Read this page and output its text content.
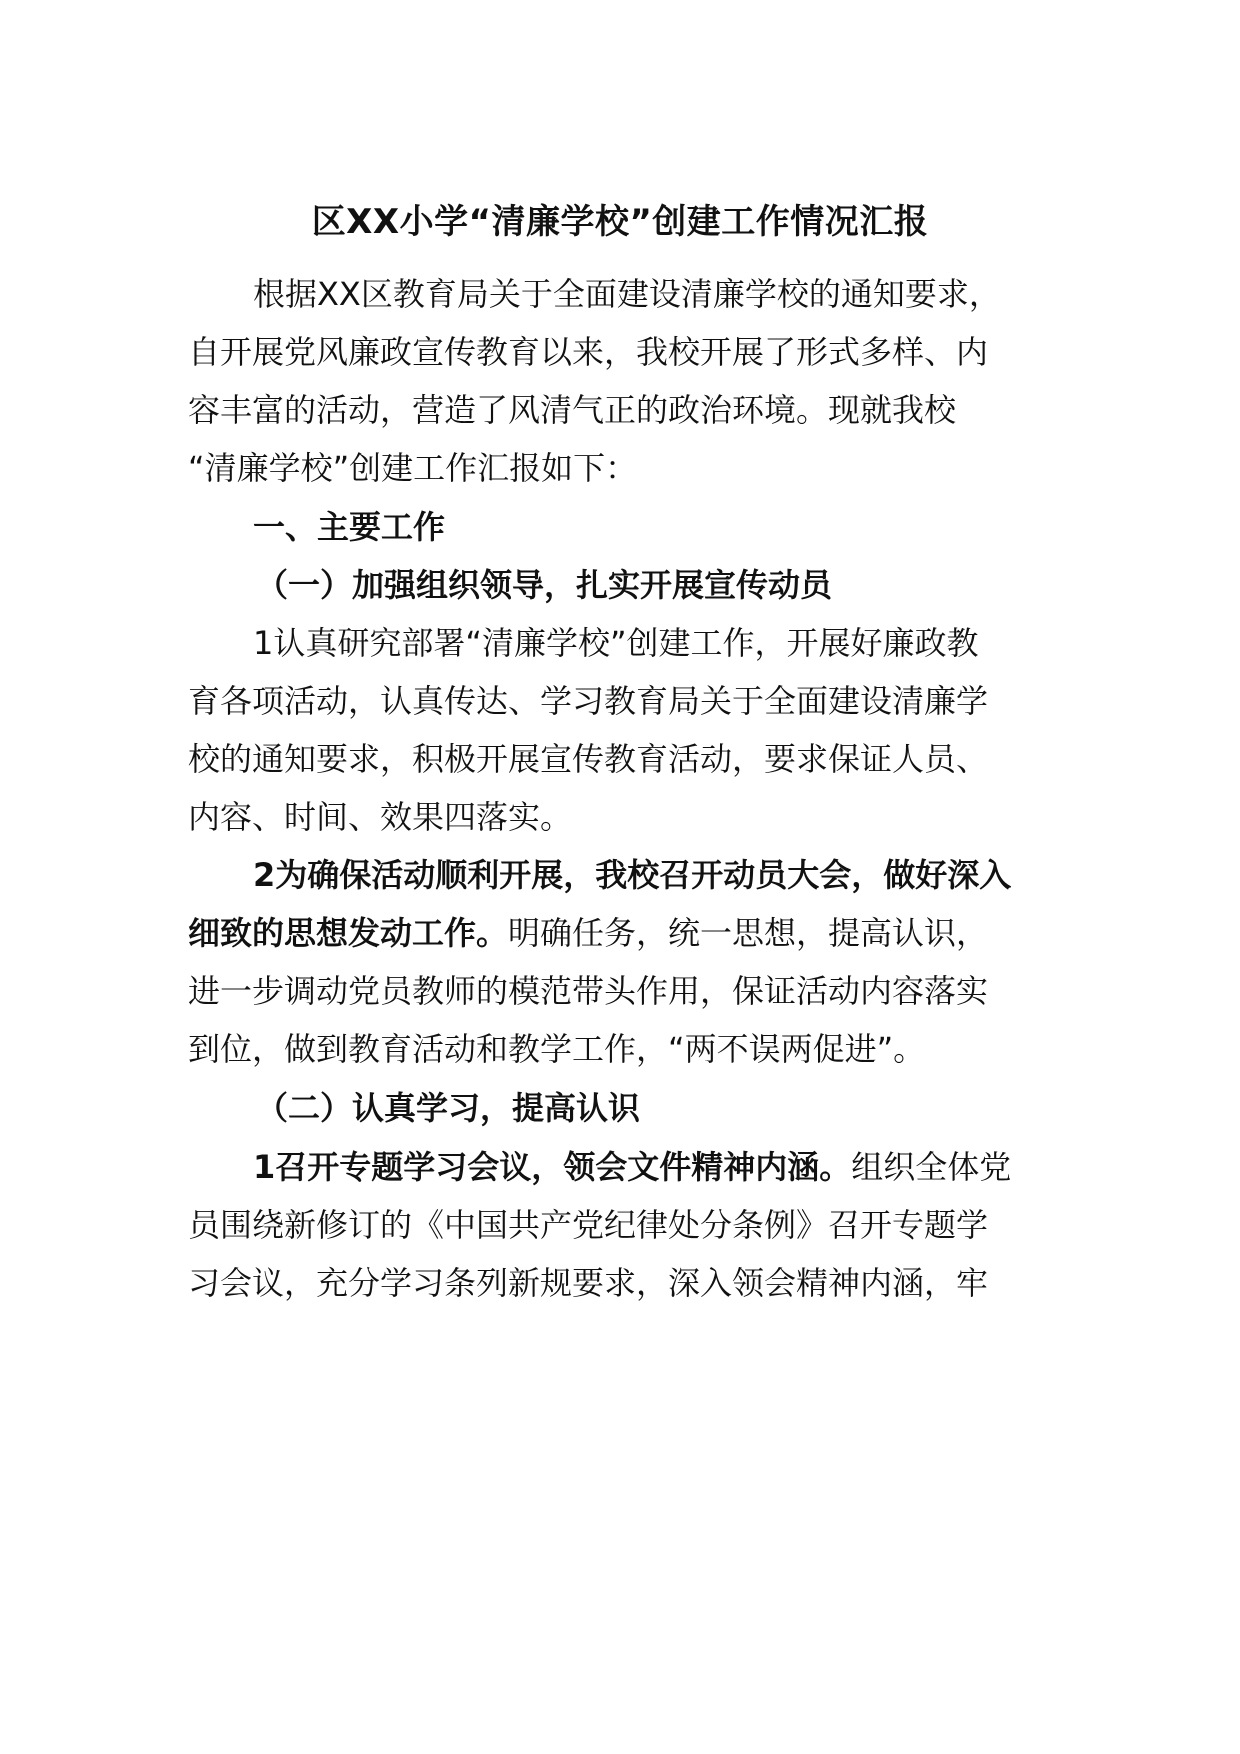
区XX小学“清廉学校”创建工作情况汇报
根据XX区教育局关于全面建设清廉学校的通知要求，
自开展党风廉政宣传教育以来，我校开展了形式多样、内
容丰富的活动，营造了风清气正的政治环境。现就我校
“清廉学校”创建工作汇报如下：
一、主要工作
（一）加强组织领导，扎实开展宣传动员
1认真研究部署“清廉学校”创建工作，开展好廉政教
育各项活动，认真传达、学习教育局关于全面建设清廉学
校的通知要求，积极开展宣传教育活动，要求保证人员、
内容、时间、效果四落实。
2为确保活动顺利开展，我校召开动员大会，做好深入
细致的思想发动工作。明确任务，统一思想，提高认识，
进一步调动党员教师的模范带头作用，保证活动内容落实
到位，做到教育活动和教学工作，“两不误两促进”。
（二）认真学习，提高认识
1召开专题学习会议，领会文件精神内涵。组织全体党
员围绕新修订的《中国共产党纪律处分条例》召开专题学
习会议，充分学习条列新规要求，深入领会精神内涵，牢
